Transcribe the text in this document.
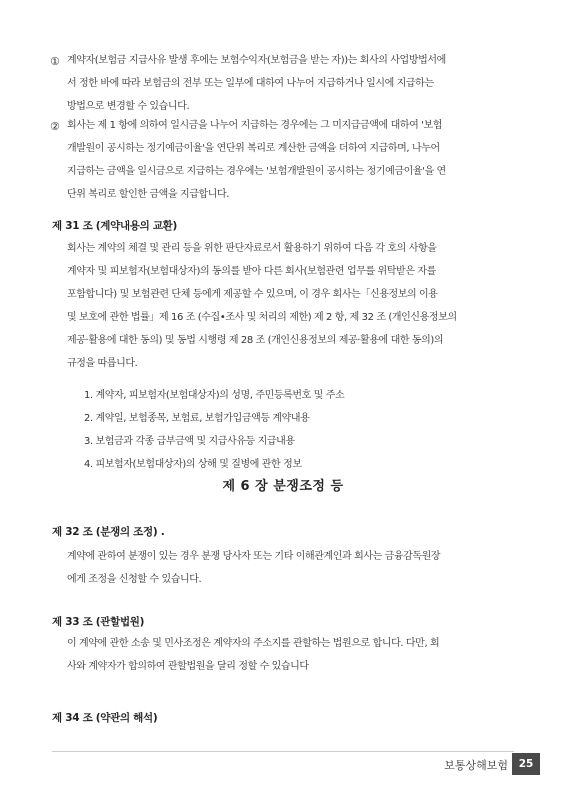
① 계약자(보험금 지급사유 발생 후에는 보험수익자(보험금을 받는 자))는 회사의 사업방법서에
서 정한 바에 따라 보험금의 전부 또는 일부에 대하여 나누어 지급하거나 일시에 지급하는
방법으로 변경할 수 있습니다.
② 회사는 제 1 항에 의하여 일시금을 나누어 지급하는 경우에는 그 미지급금액에 대하여 '보험
개발원이 공시하는 정기예금이율'을 연단위 복리로 계산한 금액을 더하여 지급하며, 나누어
지급하는 금액을 일시금으로 지급하는 경우에는 '보험개발원이 공시하는 정기예금이율'을 연
단위 복리로 할인한 금액을 지급합니다.
제 31 조 (계약내용의 교환)
회사는 계약의 체결 및 관리 등을 위한 판단자료로서 활용하기 위하여 다음 각 호의 사항을
계약자 및 피보험자(보험대상자)의 동의를 받아 다른 회사(보험관련 업무를 위탁받은 자를
포함합니다) 및 보험관련 단체 등에게 제공할 수 있으며, 이 경우 회사는「신용정보의 이용
및 보호에 관한 법률」제 16 조 (수집•조사 및 처리의 제한) 제 2 항, 제 32 조 (개인신용정보의
제공·활용에 대한 동의) 및 동법 시행령 제 28 조 (개인신용정보의 제공·활용에 대한 동의)의
규정을 따릅니다.
1. 계약자, 피보험자(보험대상자)의 성명, 주민등록번호 및 주소
2. 계약일, 보험종목, 보험료, 보험가입금액등 계약내용
3. 보험금과 각종 급부금액 및 지급사유등 지급내용
4. 피보험자(보험대상자)의 상해 및 질병에 관한 정보
제 6 장 분쟁조정 등
제 32 조 (분쟁의 조정) .
계약에 관하여 분쟁이 있는 경우 분쟁 당사자 또는 기타 이해관계인과 회사는 금융감독원장
에게 조정을 신청할 수 있습니다.
제 33 조 (관할법원)
이 계약에 관한 소송 및 민사조정은 계약자의 주소지를 관할하는 법원으로 합니다. 다만, 회
사와 계약자가 합의하여 관할법원을 달리 정할 수 있습니다
제 34 조 (약관의 해석)
보통상해보험	25
